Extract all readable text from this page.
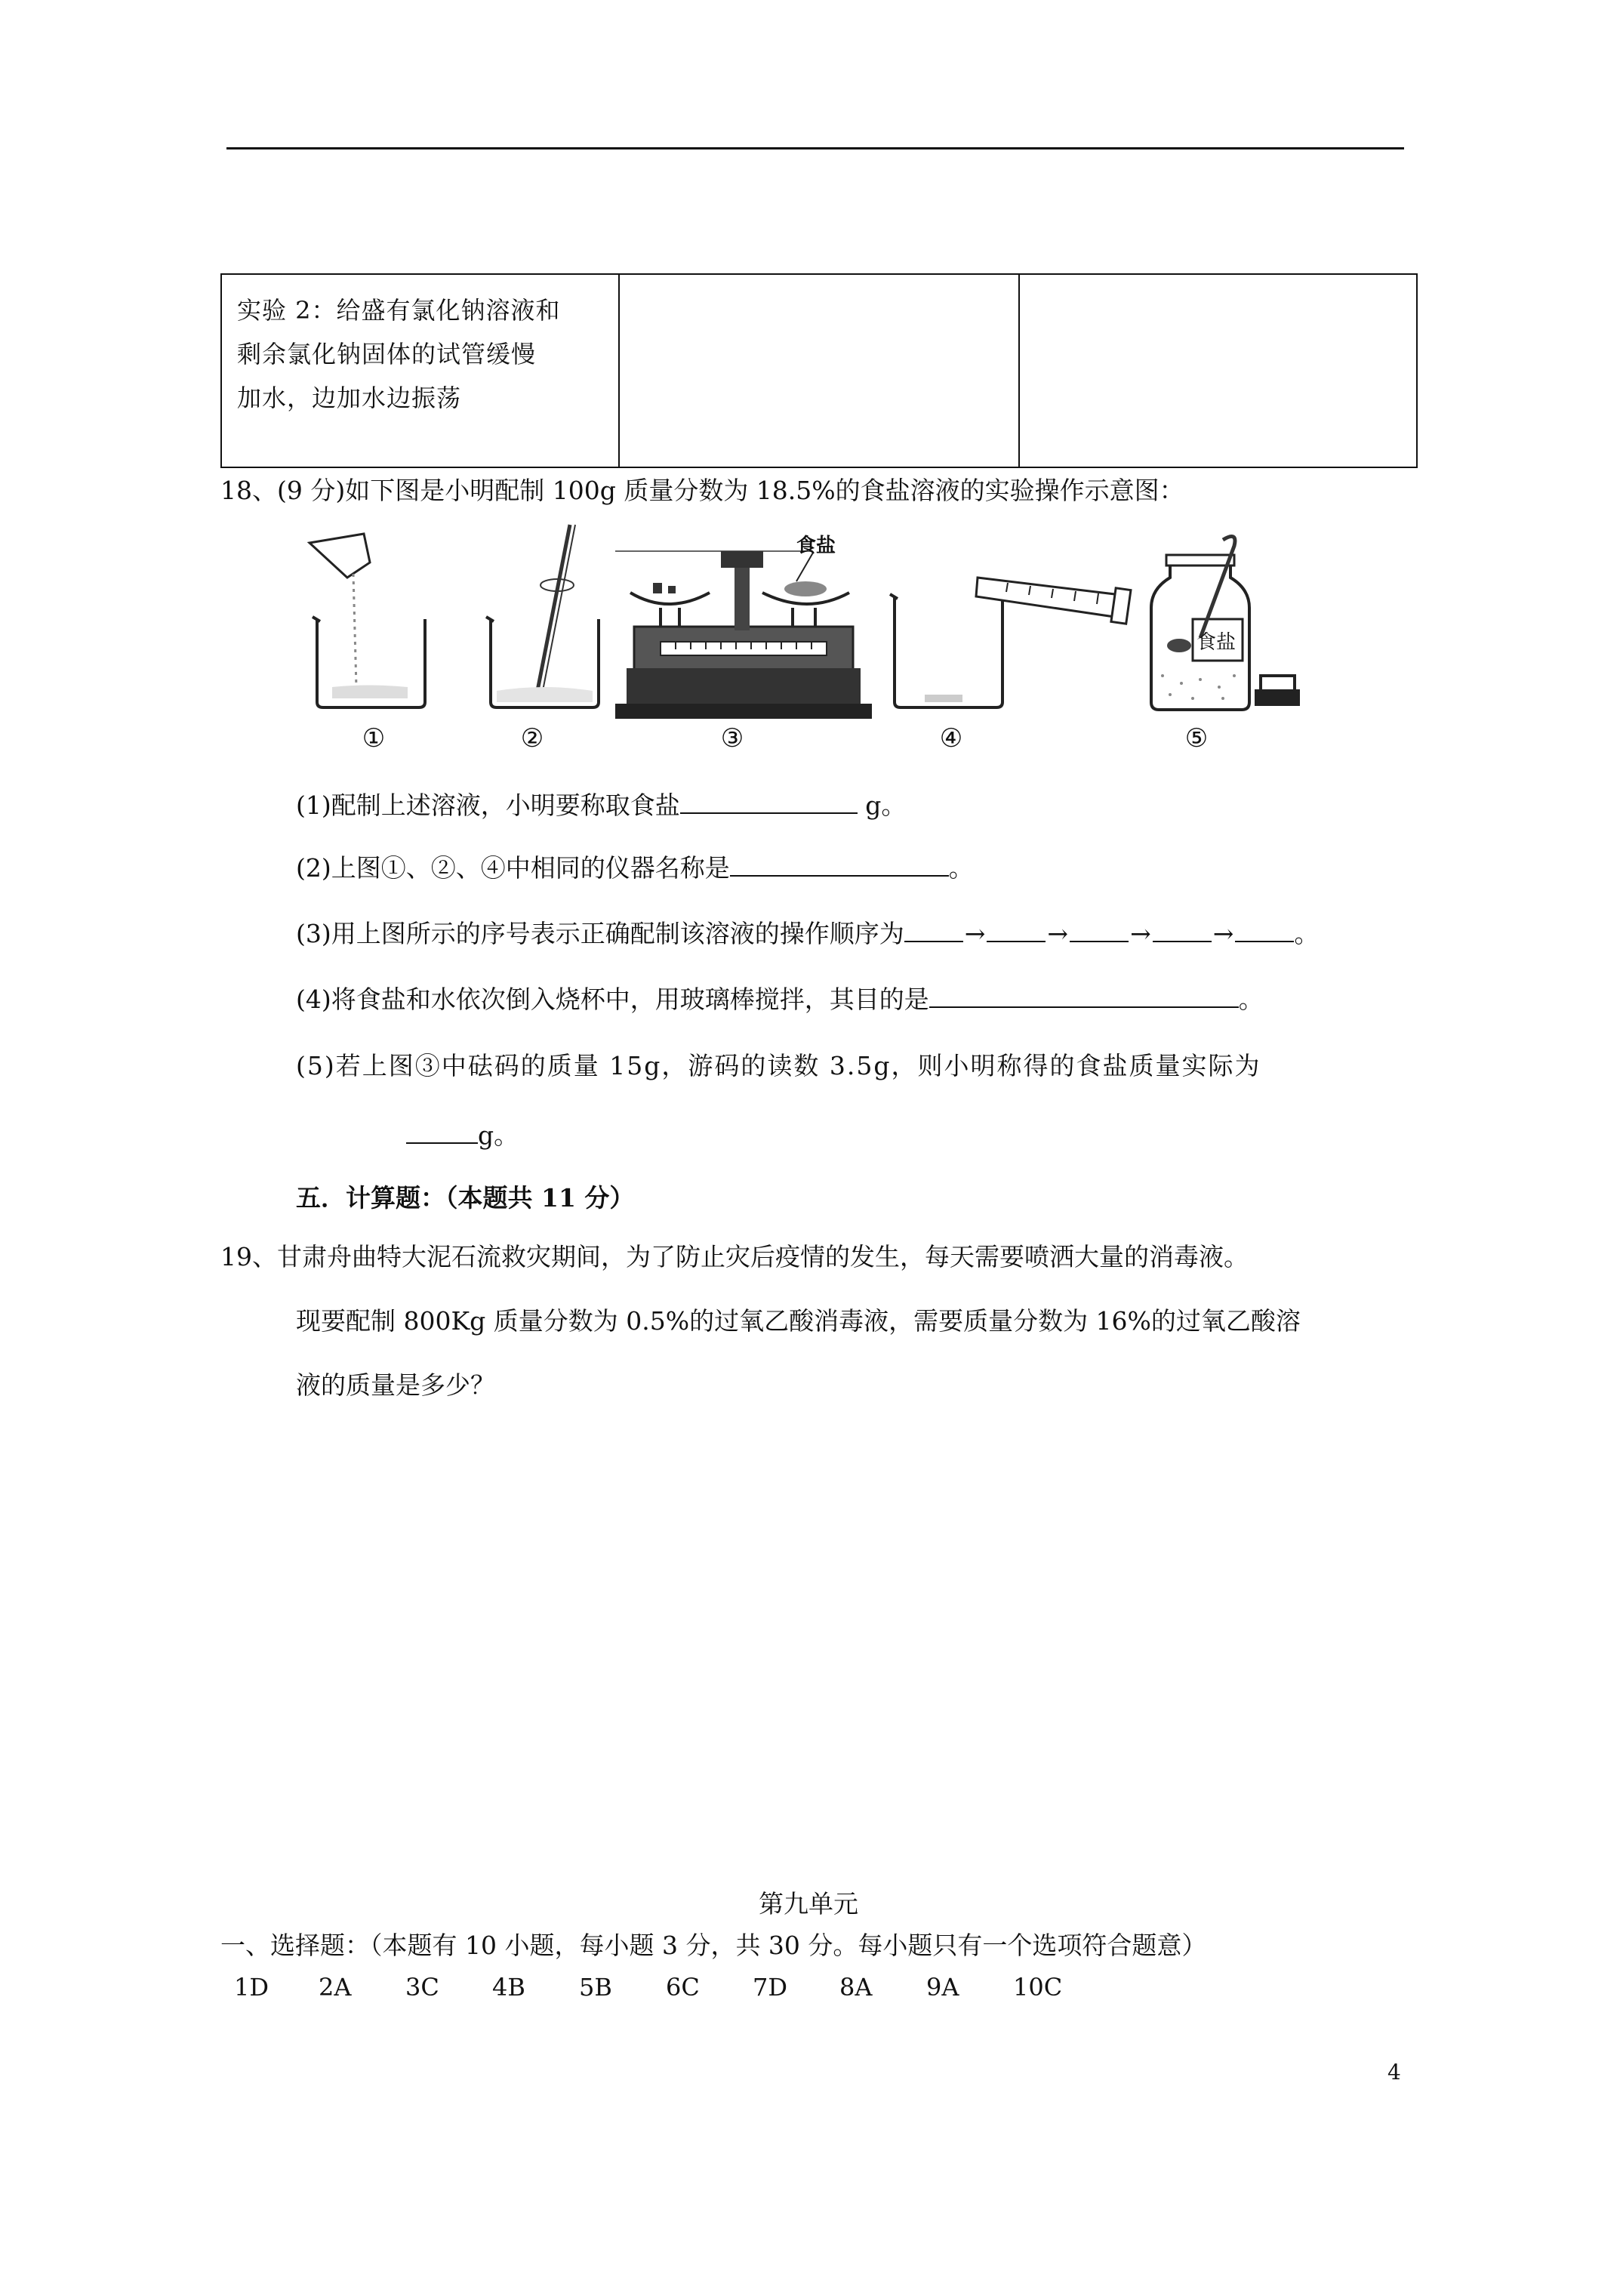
实验 2：给盛有氯化钠溶液和
剩余氯化钠固体的试管缓慢
加水，边加水边振荡

18、(9 分)如下图是小明配制 100g 质量分数为 18.5%的食盐溶液的实验操作示意图：
食盐
食盐
①	②	③	④	⑤
(1)配制上述溶液，小明要称取食盐	g。
(2)上图①、②、④中相同的仪器名称是	。
(3)用上图所示的序号表示正确配制该溶液的操作顺序为 → → → → 。
(4)将食盐和水依次倒入烧杯中，用玻璃棒搅拌，其目的是	。
(5)若上图③中砝码的质量 15g，游码的读数 3.5g，则小明称得的食盐质量实际为
g。
五．计算题：（本题共 11 分）
19、甘肃舟曲特大泥石流救灾期间，为了防止灾后疫情的发生，每天需要喷洒大量的消毒液。
现要配制 800Kg 质量分数为 0.5%的过氧乙酸消毒液，需要质量分数为 16%的过氧乙酸溶
液的质量是多少？
第九单元
一、选择题：（本题有 10 小题，每小题 3 分，共 30 分。每小题只有一个选项符合题意）
1D 2A 3C 4B 5B 6C 7D 8A 9A 10C
4
